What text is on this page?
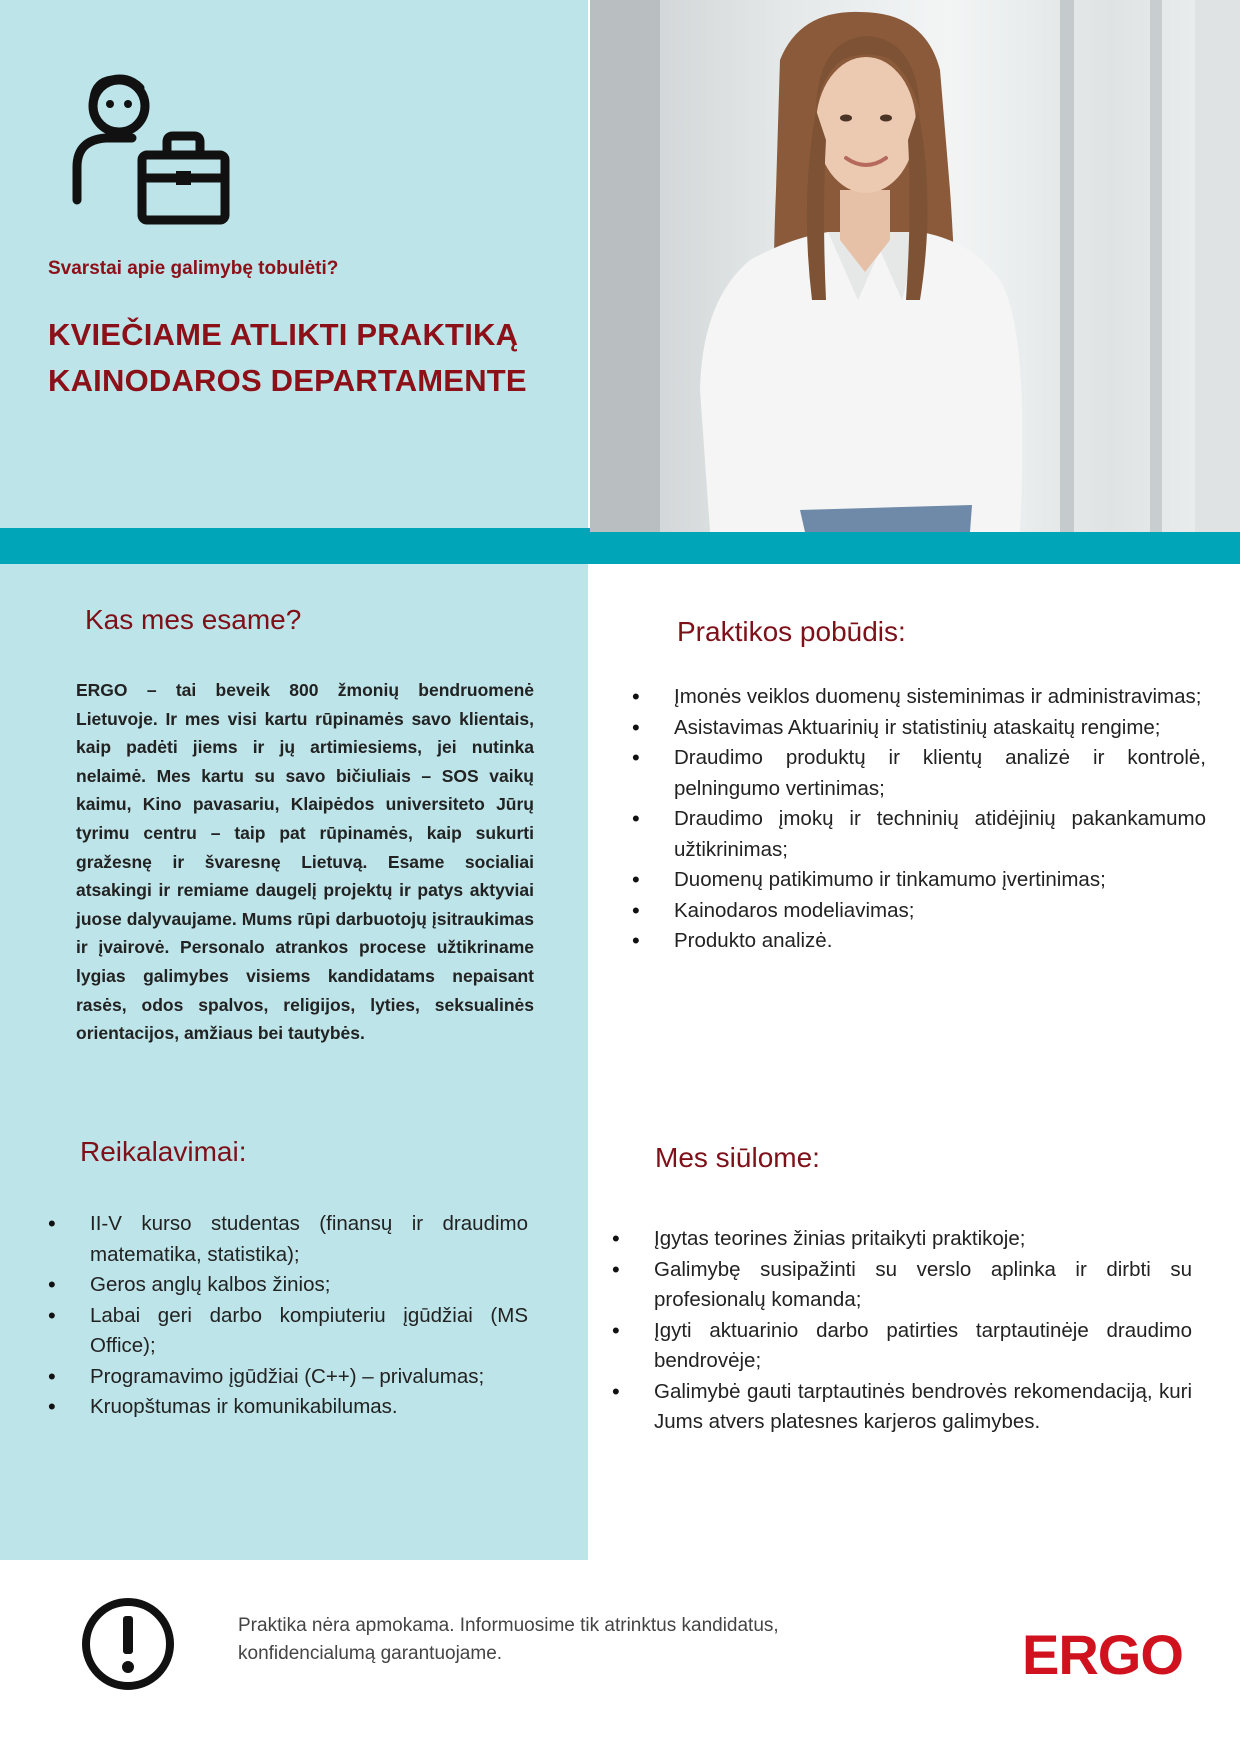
Svarstai apie galimybę tobulėti?

KVIEČIAME ATLIKTI PRAKTIKĄ
KAINODAROS DEPARTAMENTE
Kas mes esame?

ERGO – tai beveik 800 žmonių bendruomenė Lietuvoje. Ir mes visi kartu rūpinamės savo klientais, kaip padėti jiems ir jų artimiesiems, jei nutinka nelaimė. Mes kartu su savo bičiuliais – SOS vaikų kaimu, Kino pavasariu, Klaipėdos universiteto Jūrų tyrimu centru – taip pat rūpinamės, kaip sukurti gražesnę ir švaresnę Lietuvą. Esame socialiai atsakingi ir remiame daugelį projektų ir patys aktyviai juose dalyvaujame. Mums rūpi darbuotojų įsitraukimas ir įvairovė. Personalo atrankos procese užtikriname lygias galimybes visiems kandidatams nepaisant rasės, odos spalvos, religijos, lyties, seksualinės orientacijos, amžiaus bei tautybės.

Praktikos pobūdis:
• Įmonės veiklos duomenų sisteminimas ir administravimas;
• Asistavimas Aktuarinių ir statistinių ataskaitų rengime;
• Draudimo produktų ir klientų analizė ir kontrolė, pelningumo vertinimas;
• Draudimo įmokų ir techninių atidėjinių pakankamumo užtikrinimas;
• Duomenų patikimumo ir tinkamumo įvertinimas;
• Kainodaros modeliavimas;
• Produkto analizė.
Reikalavimai:
• II-V kurso studentas (finansų ir draudimo matematika, statistika);
• Geros anglų kalbos žinios;
• Labai geri darbo kompiuteriu įgūdžiai (MS Office);
• Programavimo įgūdžiai (C++) – privalumas;
• Kruopštumas ir komunikabilumas.
Mes siūlome:
• Įgytas teorines žinias pritaikyti praktikoje;
• Galimybę susipažinti su verslo aplinka ir dirbti su profesionalų komanda;
• Įgyti aktuarinio darbo patirties tarptautinėje draudimo bendrovėje;
• Galimybė gauti tarptautinės bendrovės rekomendaciją, kuri Jums atvers platesnes karjeros galimybes.

Praktika nėra apmokama. Informuosime tik atrinktus kandidatus, konfidencialumą garantuojame.	ERGO
